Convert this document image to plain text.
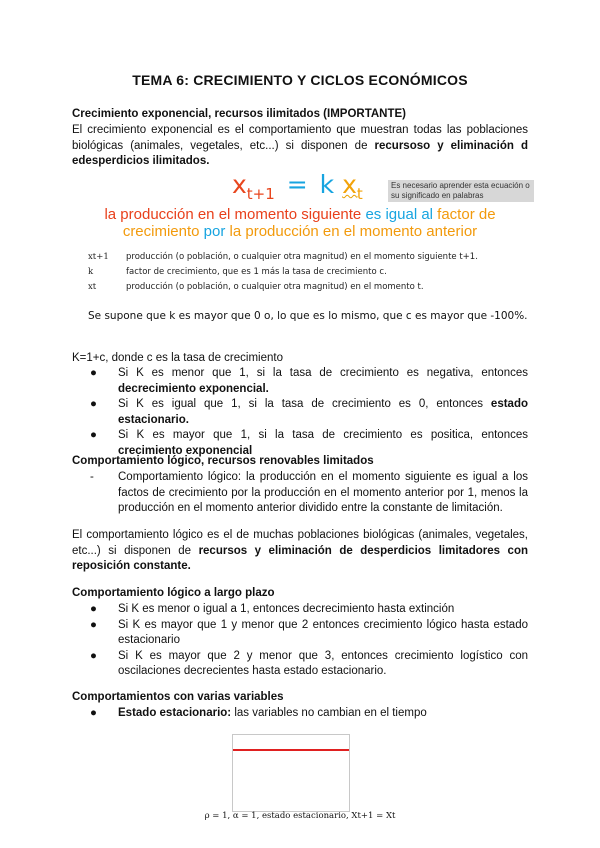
TEMA 6: CRECIMIENTO Y CICLOS ECONÓMICOS
Crecimiento exponencial, recursos ilimitados (IMPORTANTE)
El crecimiento exponencial es el comportamiento que muestran todas las poblaciones biológicas (animales, vegetales, etc...) si disponen de recursoso y eliminación d edesperdicios ilimitados.
$x_{t+1} = k$ $x_t$	Es necesario aprender esta ecuación o su significado en palabras
la producción en el momento siguiente es igual al factor de crecimiento por la producción en el momento anterior
xt+1 producción (o población, o cualquier otra magnitud) en el momento siguiente t+1.
k	factor de crecimiento, que es 1 más la tasa de crecimiento c.
xt	producción (o población, o cualquier otra magnitud) en el momento t.
Se supone que k es mayor que 0 o, lo que es lo mismo, que c es mayor que -100%.
K=1+c, donde c es la tasa de crecimiento
● Si K es menor que 1, si la tasa de crecimiento es negativa, entonces decrecimiento exponencial.
● Si K es igual que 1, si la tasa de crecimiento es 0, entonces estado estacionario.
● Si K es mayor que 1, si la tasa de crecimiento es positica, entonces crecimiento exponencial
Comportamiento lógico, recursos renovables limitados
- Comportamiento lógico: la producción en el momento siguiente es igual a los factos de crecimiento por la producción en el momento anterior por 1, menos la producción en el momento anterior dividido entre la constante de limitación.
El comportamiento lógico es el de muchas poblaciones biológicas (animales, vegetales, etc...) si disponen de recursos y eliminación de desperdicios limitadores con reposición constante.
Comportamiento lógico a largo plazo
● Si K es menor o igual a 1, entonces decrecimiento hasta extinción
● Si K es mayor que 1 y menor que 2 entonces crecimiento lógico hasta estado estacionario
● Si K es mayor que 2 y menor que 3, entonces crecimiento logístico con oscilaciones decrecientes hasta estado estacionario.
Comportamientos con varias variables
● Estado estacionario: las variables no cambian en el tiempo
ρ = 1, α = 1, estado estacionario, Xt+1 = Xt
